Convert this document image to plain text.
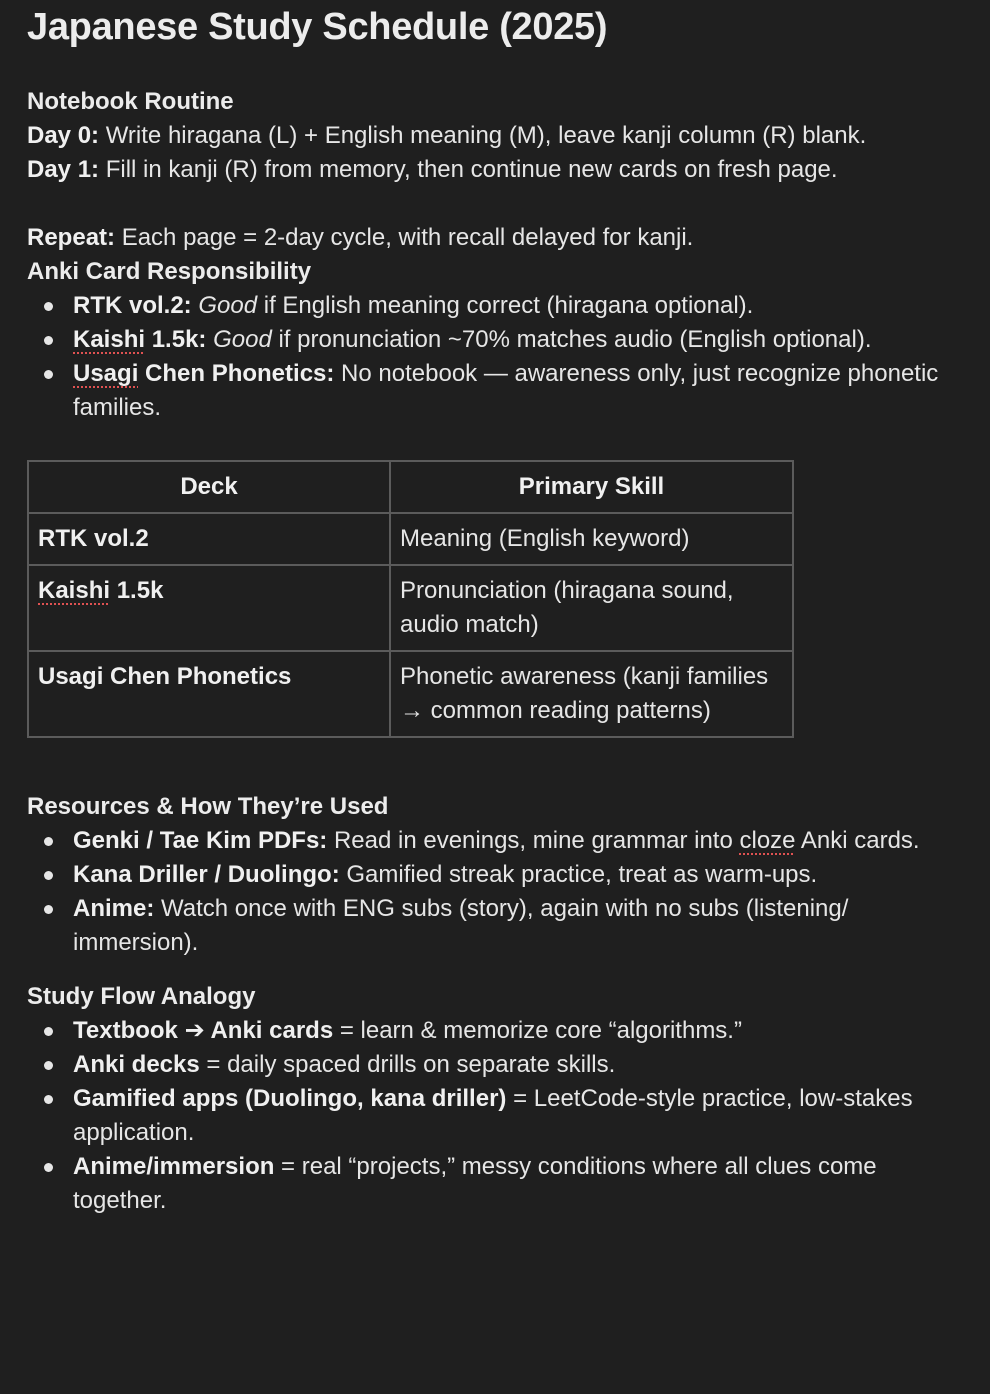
Japanese Study Schedule (2025)

Notebook Routine

Day 0: Write hiragana (L) + English meaning (M), leave kanji column (R) blank.

Day 1: Fill in kanji (R) from memory, then continue new cards on fresh page.

Repeat: Each page = 2-day cycle, with recall delayed for kanji.

Anki Card Responsibility

RTK vol.2: Good if English meaning correct (hiragana optional).
Kaishi 1.5k: Good if pronunciation ~70% matches audio (English optional).
Usagi Chen Phonetics: No notebook — awareness only, just recognize phonetic families.
Deck	Primary Skill
RTK vol.2	Meaning (English keyword)
Kaishi 1.5k	Pronunciation (hiragana sound, audio match)
Usagi Chen Phonetics	Phonetic awareness (kanji families → common reading patterns)

Resources & How They’re Used

Genki / Tae Kim PDFs: Read in evenings, mine grammar into cloze Anki cards.
Kana Driller / Duolingo: Gamified streak practice, treat as warm-ups.
Anime: Watch once with ENG subs (story), again with no subs (listening/​immersion).

Study Flow Analogy

Textbook ➔ Anki cards = learn & memorize core “algorithms.”
Anki decks = daily spaced drills on separate skills.
Gamified apps (Duolingo, kana driller) = LeetCode-style practice, low-stakes application.
Anime/immersion = real “projects,” messy conditions where all clues come together.
